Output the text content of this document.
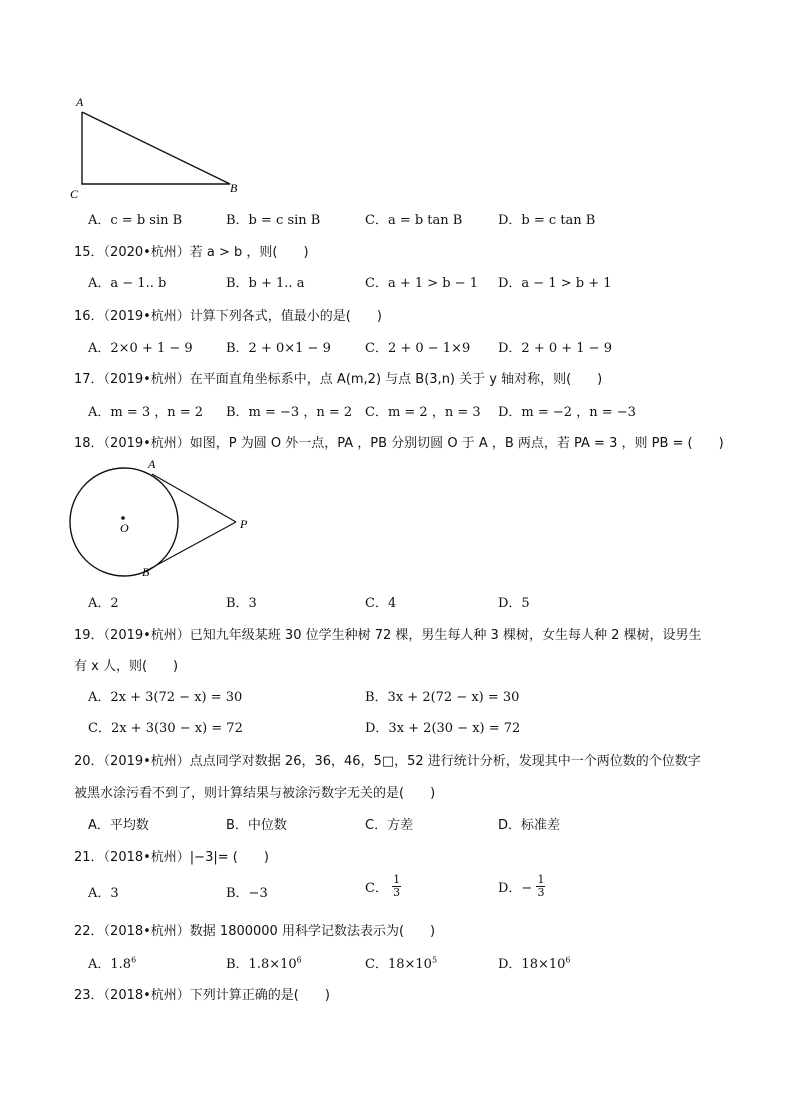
A
C	B
A．c = b sin B	B．b = c sin B	C．a = b tan B	D．b = c tan B
15．（2020•杭州）若 a > b ，则(　　)
A．a − 1.. b	B．b + 1.. a	C．a + 1 > b − 1 D．a − 1 > b + 1
16．（2019•杭州）计算下列各式，值最小的是(　　)
A．2×0 + 1 − 9	B．2 + 0×1 − 9	C．2 + 0 − 1×9 D．2 + 0 + 1 − 9
17．（2019•杭州）在平面直角坐标系中，点 A(m,2) 与点 B(3,n) 关于 y 轴对称，则(　　)
A．m = 3 ，n = 2 B．m = −3 ，n = 2 C．m = 2 ，n = 3 D．m = −2 ，n = −3
18．（2019•杭州）如图，P 为圆 O 外一点，PA ，PB 分别切圆 O 于 A ，B 两点，若 PA = 3 ，则 PB = (　　)
A
O	P
B
A．2	B．3	C．4	D．5
19．（2019•杭州）已知九年级某班 30 位学生种树 72 棵，男生每人种 3 棵树，女生每人种 2 棵树，设男生
有 x 人，则(　　)
A．2x + 3(72 − x) = 30	B．3x + 2(72 − x) = 30
C．2x + 3(30 − x) = 72	D．3x + 2(30 − x) = 72
20．（2019•杭州）点点同学对数据 26，36，46，5□，52 进行统计分析，发现其中一个两位数的个位数字
被黑水涂污看不到了，则计算结果与被涂污数字无关的是(　　)
A．平均数	B．中位数	C．方差	D．标准差
21．（2018•杭州）|−3|= (　　)
A．3	B．−3	C． $\frac{1}{3}$	D．− $\frac{1}{3}$
22．（2018•杭州）数据 1800000 用科学记数法表示为(　　)
A．$1.8^6$	B．$1.8\times 10^6$	C．$18\times 10^5$	D．$18\times 10^6$
23．（2018•杭州）下列计算正确的是(　　)
